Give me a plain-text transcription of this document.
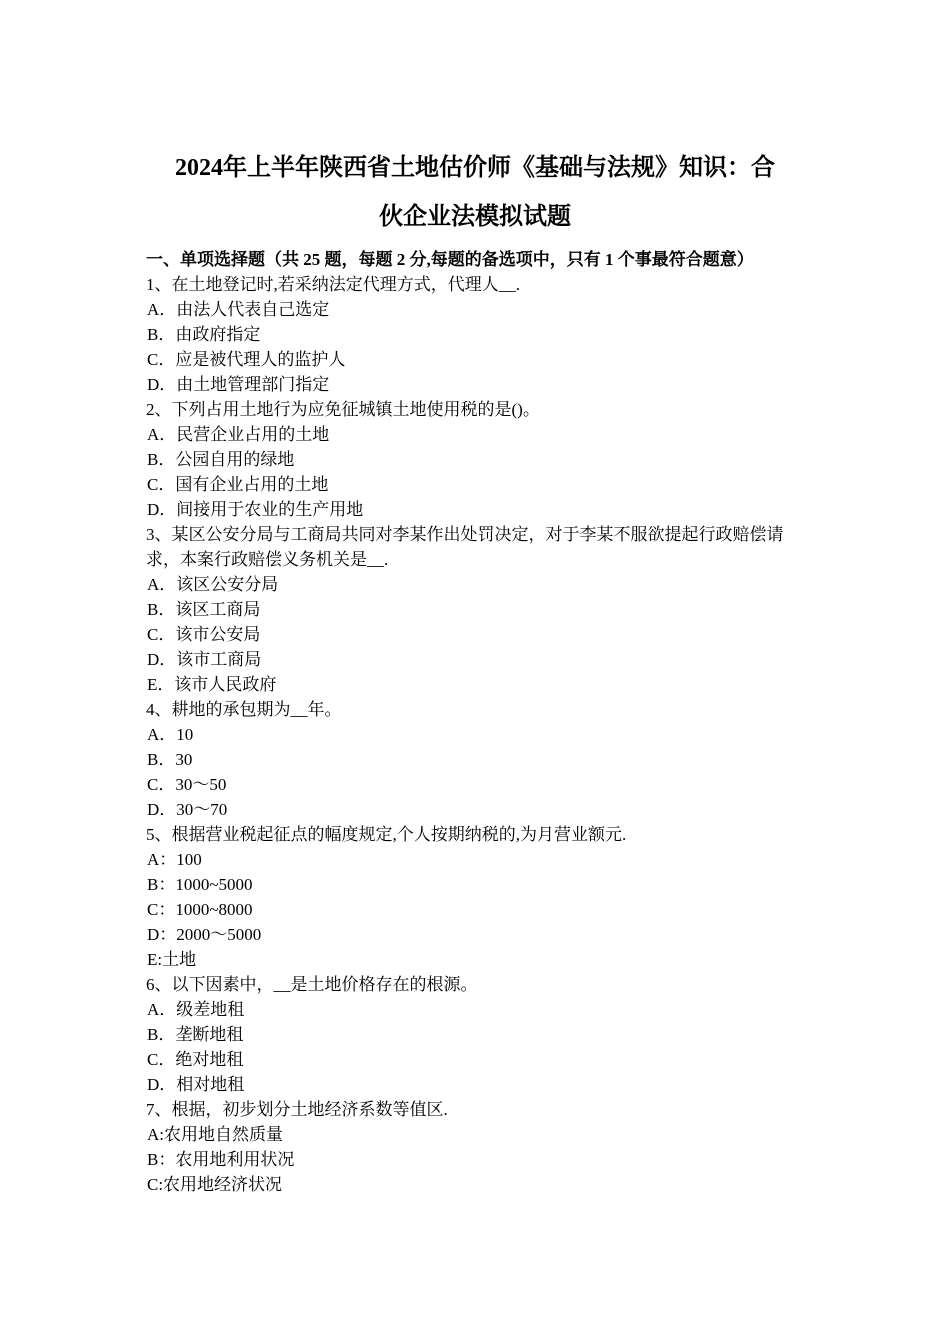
2024年上半年陕西省土地估价师《基础与法规》知识：合
伙企业法模拟试题

一、单项选择题（共 25 题，每题 2 分,每题的备选项中，只有 1 个事最符合题意）

1、在土地登记时,若采纳法定代理方式，代理人__.

A．由法人代表自己选定

B．由政府指定

C．应是被代理人的监护人

D．由土地管理部门指定

2、下列占用土地行为应免征城镇土地使用税的是()。

A．民营企业占用的土地

B．公园自用的绿地

C．国有企业占用的土地

D．间接用于农业的生产用地

3、某区公安分局与工商局共同对李某作出处罚决定，对于李某不服欲提起行政赔偿请求，本案行政赔偿义务机关是__.

A．该区公安分局

B．该区工商局

C．该市公安局

D．该市工商局

E．该市人民政府

4、耕地的承包期为__年。

A．10

B．30

C．30～50

D．30～70

5、根据营业税起征点的幅度规定,个人按期纳税的,为月营业额元.

A：100

B：1000~5000

C：1000~8000

D：2000～5000

E:土地

6、以下因素中，__是土地价格存在的根源。

A．级差地租

B．垄断地租

C．绝对地租

D．相对地租

7、根据，初步划分土地经济系数等值区.

A:农用地自然质量

B：农用地利用状况

C:农用地经济状况
